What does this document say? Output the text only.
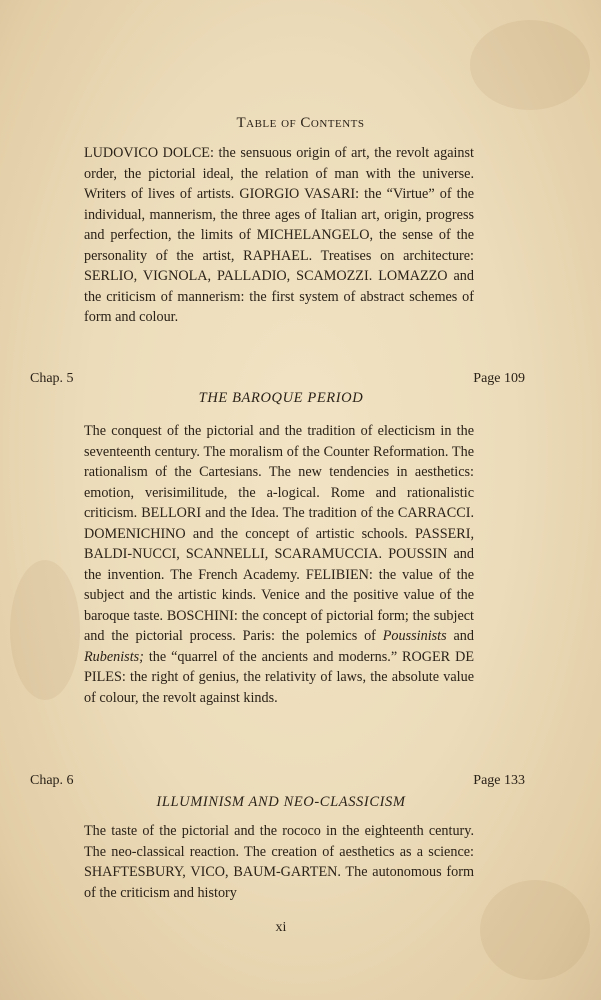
Table of Contents

LUDOVICO DOLCE: the sensuous origin of art, the revolt against order, the pictorial ideal, the relation of man with the universe. Writers of lives of artists. GIORGIO VASARI: the “Virtue” of the individual, mannerism, the three ages of Italian art, origin, progress and perfection, the limits of MICHELANGELO, the sense of the personality of the artist, RAPHAEL. Treatises on architecture: SERLIO, VIGNOLA, PALLADIO, SCAMOZZI. LOMAZZO and the criticism of mannerism: the first system of abstract schemes of form and colour.

Chap. 5	Page 109
THE BAROQUE PERIOD

The conquest of the pictorial and the tradition of electicism in the seventeenth century. The moralism of the Counter Reformation. The rationalism of the Cartesians. The new tendencies in aesthetics: emotion, verisimilitude, the a-logical. Rome and rationalistic criticism. BELLORI and the Idea. The tradition of the CARRACCI. DOMENICHINO and the concept of artistic schools. PASSERI, BALDI-NUCCI, SCANNELLI, SCARAMUCCIA. POUSSIN and the invention. The French Academy. FELIBIEN: the value of the subject and the artistic kinds. Venice and the positive value of the baroque taste. BOSCHINI: the concept of pictorial form; the subject and the pictorial process. Paris: the polemics of Poussinists and Rubenists; the “quarrel of the ancients and moderns.” ROGER DE PILES: the right of genius, the relativity of laws, the absolute value of colour, the revolt against kinds.

Chap. 6	Page 133
ILLUMINISM AND NEO-CLASSICISM

The taste of the pictorial and the rococo in the eighteenth century. The neo-classical reaction. The creation of aesthetics as a science: SHAFTESBURY, VICO, BAUM-GARTEN. The autonomous form of the criticism and history

xi
